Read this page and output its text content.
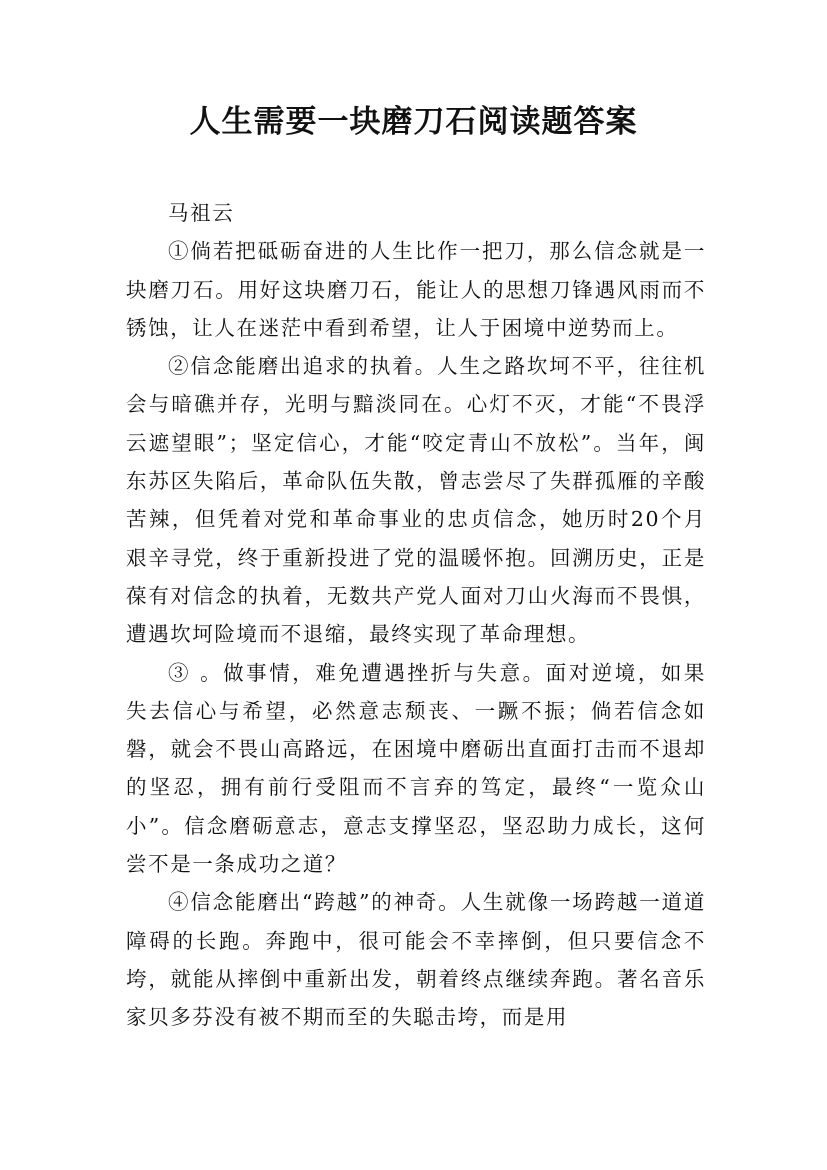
人生需要一块磨刀石阅读题答案

马祖云

①倘若把砥砺奋进的人生比作一把刀，那么信念就是一块磨刀石。用好这块磨刀石，能让人的思想刀锋遇风雨而不锈蚀，让人在迷茫中看到希望，让人于困境中逆势而上。

②信念能磨出追求的执着。人生之路坎坷不平，往往机会与暗礁并存，光明与黯淡同在。心灯不灭，才能“不畏浮云遮望眼”；坚定信心，才能“咬定青山不放松”。当年，闽东苏区失陷后，革命队伍失散，曾志尝尽了失群孤雁的辛酸苦辣，但凭着对党和革命事业的忠贞信念，她历时20个月艰辛寻党，终于重新投进了党的温暖怀抱。回溯历史，正是葆有对信念的执着，无数共产党人面对刀山火海而不畏惧，遭遇坎坷险境而不退缩，最终实现了革命理想。

③ 。做事情，难免遭遇挫折与失意。面对逆境，如果失去信心与希望，必然意志颓丧、一蹶不振；倘若信念如磐，就会不畏山高路远，在困境中磨砺出直面打击而不退却的坚忍，拥有前行受阻而不言弃的笃定，最终“一览众山小”。信念磨砺意志，意志支撑坚忍，坚忍助力成长，这何尝不是一条成功之道？

④信念能磨出“跨越”的神奇。人生就像一场跨越一道道障碍的长跑。奔跑中，很可能会不幸摔倒，但只要信念不垮，就能从摔倒中重新出发，朝着终点继续奔跑。著名音乐家贝多芬没有被不期而至的失聪击垮，而是用
